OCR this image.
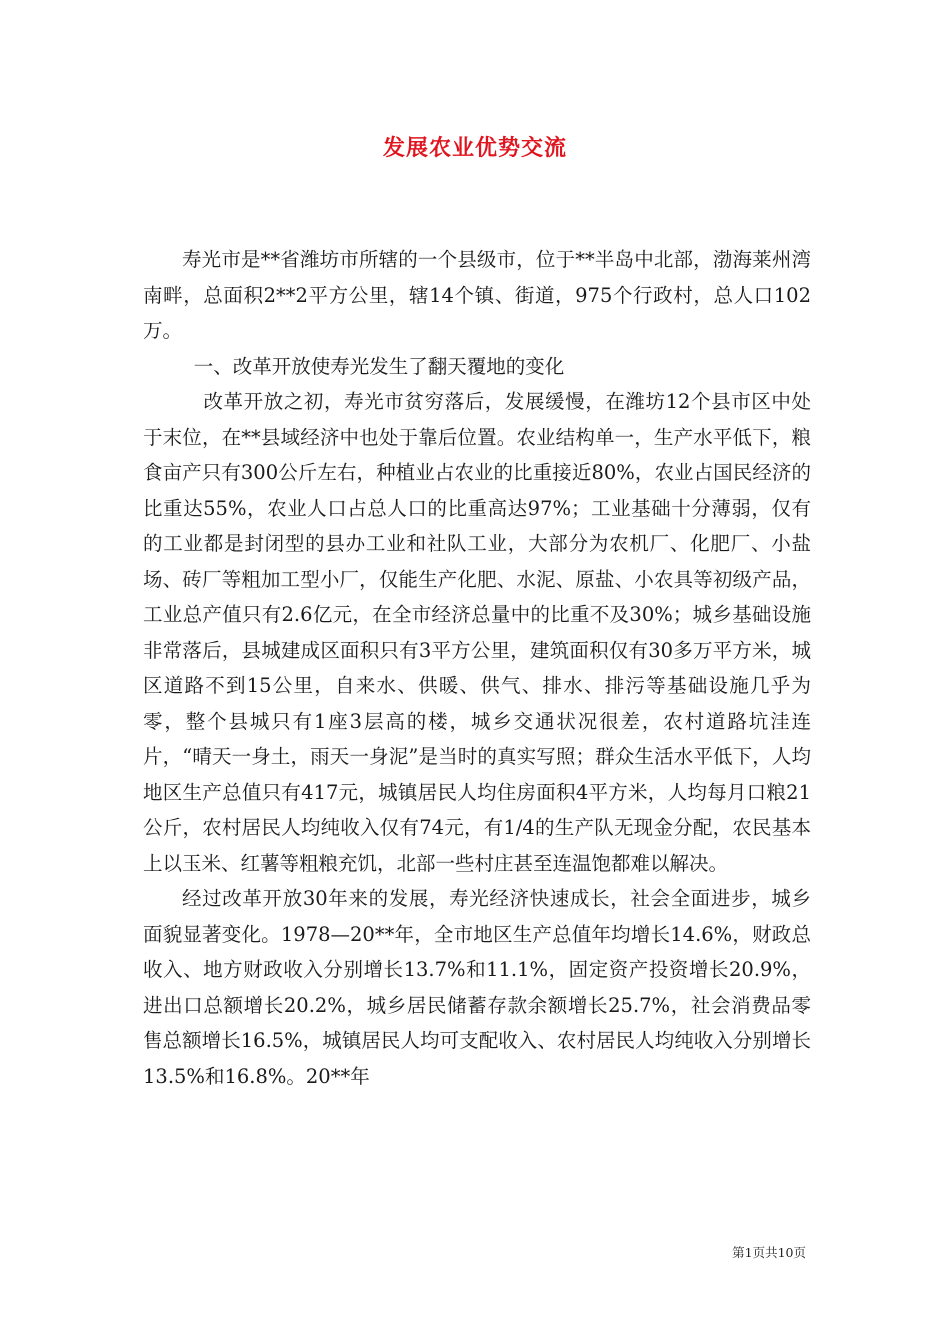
发展农业优势交流

寿光市是**省潍坊市所辖的一个县级市，位于**半岛中北部，渤海莱州湾南畔，总面积2**2平方公里，辖14个镇、街道，975个行政村，总人口102万。

一、改革开放使寿光发生了翻天覆地的变化

改革开放之初，寿光市贫穷落后，发展缓慢，在潍坊12个县市区中处于末位，在**县域经济中也处于靠后位置。农业结构单一，生产水平低下，粮食亩产只有300公斤左右，种植业占农业的比重接近80%，农业占国民经济的比重达55%，农业人口占总人口的比重高达97%；工业基础十分薄弱，仅有的工业都是封闭型的县办工业和社队工业，大部分为农机厂、化肥厂、小盐场、砖厂等粗加工型小厂，仅能生产化肥、水泥、原盐、小农具等初级产品，工业总产值只有2.6亿元，在全市经济总量中的比重不及30%；城乡基础设施非常落后，县城建成区面积只有3平方公里，建筑面积仅有30多万平方米，城区道路不到15公里，自来水、供暖、供气、排水、排污等基础设施几乎为零，整个县城只有1座3层高的楼，城乡交通状况很差，农村道路坑洼连片，“晴天一身土，雨天一身泥”是当时的真实写照；群众生活水平低下，人均地区生产总值只有417元，城镇居民人均住房面积4平方米，人均每月口粮21公斤，农村居民人均纯收入仅有74元，有1/4的生产队无现金分配，农民基本上以玉米、红薯等粗粮充饥，北部一些村庄甚至连温饱都难以解决。

经过改革开放30年来的发展，寿光经济快速成长，社会全面进步，城乡面貌显著变化。1978—20**年，全市地区生产总值年均增长14.6%，财政总收入、地方财政收入分别增长13.7%和11.1%，固定资产投资增长20.9%，进出口总额增长20.2%，城乡居民储蓄存款余额增长25.7%，社会消费品零售总额增长16.5%，城镇居民人均可支配收入、农村居民人均纯收入分别增长13.5%和16.8%。20**年

第1页共10页
